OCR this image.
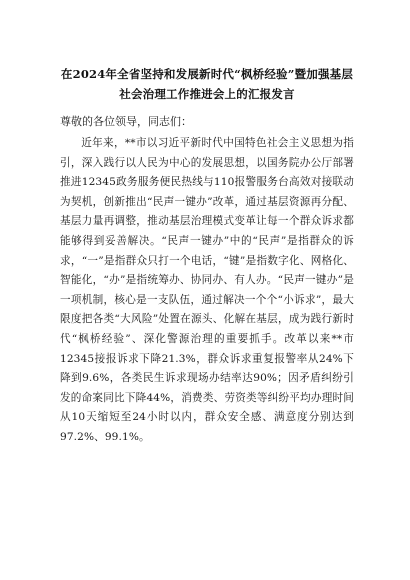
在2024年全省坚持和发展新时代“枫桥经验”暨加强基层
社会治理工作推进会上的汇报发言
尊敬的各位领导，同志们：

近年来，**市以习近平新时代中国特色社会主义思想为指引，深入践行以人民为中心的发展思想，以国务院办公厅部署推进12345政务服务便民热线与110报警服务台高效对接联动为契机，创新推出“民声一键办”改革，通过基层资源再分配、基层力量再调整，推动基层治理模式变革让每一个群众诉求都能够得到妥善解决。“民声一键办”中的“民声”是指群众的诉求，“一”是指群众只打一个电话，“键”是指数字化、网格化、智能化，“办”是指统筹办、协同办、有人办。“民声一键办”是一项机制，核心是一支队伍，通过解决一个个“小诉求”，最大限度把各类“大风险”处置在源头、化解在基层，成为践行新时代“枫桥经验”、深化警源治理的重要抓手。改革以来**市12345接报诉求下降21.3%，群众诉求重复报警率从24%下降到9.6%，各类民生诉求现场办结率达90%；因矛盾纠纷引发的命案同比下降44%，消费类、劳资类等纠纷平均办理时间从10天缩短至24小时以内，群众安全感、满意度分别达到97.2%、99.1%。
